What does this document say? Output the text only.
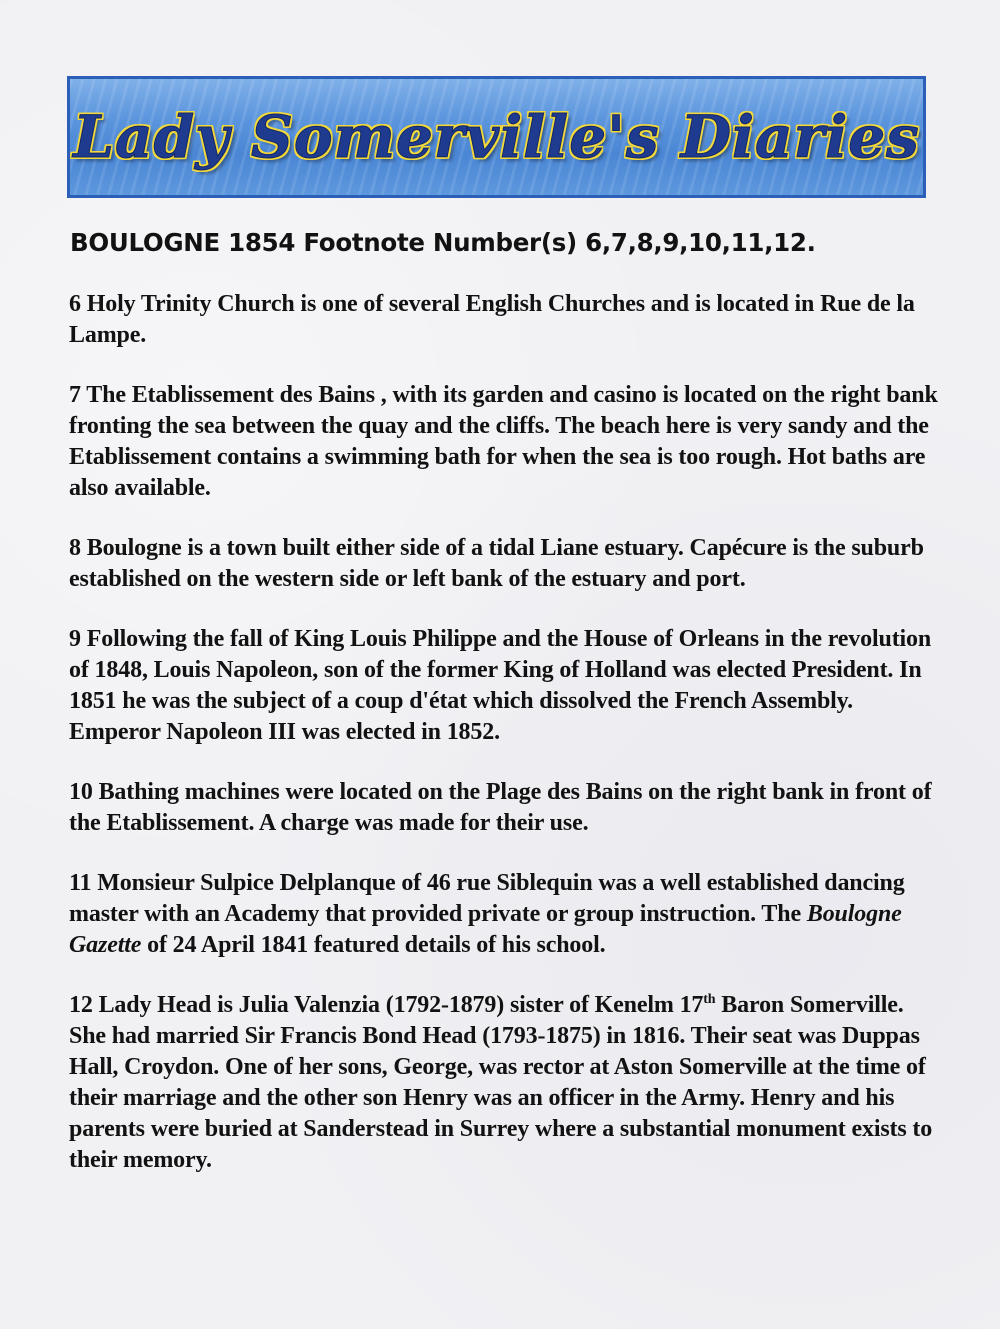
Lady Somerville's Diaries
BOULOGNE 1854 Footnote Number(s) 6,7,8,9,10,11,12.

6 Holy Trinity Church is one of several English Churches and is located in Rue de la Lampe.

7 The Etablissement des Bains , with its garden and casino is located on the right bank fronting the sea between the quay and the cliffs. The beach here is very sandy and the Etablissement contains a swimming bath for when the sea is too rough. Hot baths are also available.

8 Boulogne is a town built either side of a tidal Liane estuary. Capécure is the suburb established on the western side or left bank of the estuary and port.

9 Following the fall of King Louis Philippe and the House of Orleans in the revolution of 1848, Louis Napoleon, son of the former King of Holland was elected President. In 1851 he was the subject of a coup d'état which dissolved the French Assembly. Emperor Napoleon III was elected in 1852.

10 Bathing machines were located on the Plage des Bains on the right bank in front of the Etablissement. A charge was made for their use.

11 Monsieur Sulpice Delplanque of 46 rue Siblequin was a well established dancing master with an Academy that provided private or group instruction. The Boulogne Gazette of 24 April 1841 featured details of his school.

12 Lady Head is Julia Valenzia (1792-1879) sister of Kenelm 17th Baron Somerville. She had married Sir Francis Bond Head (1793-1875) in 1816. Their seat was Duppas Hall, Croydon. One of her sons, George, was rector at Aston Somerville at the time of their marriage and the other son Henry was an officer in the Army. Henry and his parents were buried at Sanderstead in Surrey where a substantial monument exists to their memory.
